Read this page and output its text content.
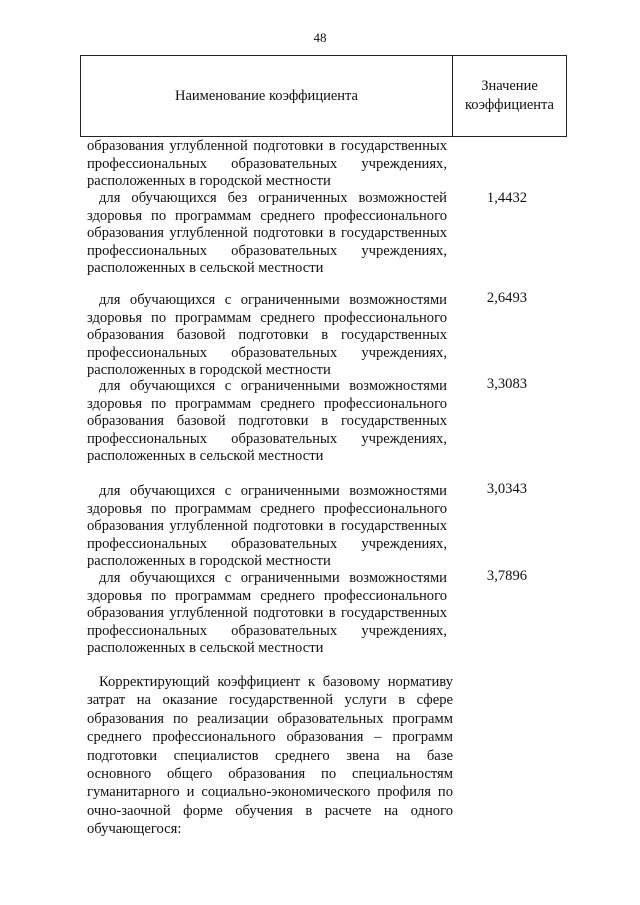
48
Наименование коэффициента
Значение
коэффициента

образования углубленной подготовки в государственных профессиональных образовательных учреждениях, расположенных в городской местности

для обучающихся без ограниченных возможностей здоровья по программам среднего профессионального образования углубленной подготовки в государственных профессиональных образовательных учреждениях, расположенных в сельской местности

1,4432

для обучающихся с ограниченными возможностями здоровья по программам среднего профессионального образования базовой подготовки в государственных профессиональных образовательных учреждениях, расположенных в городской местности

2,6493

для обучающихся с ограниченными возможностями здоровья по программам среднего профессионального образования базовой подготовки в государственных профессиональных образовательных учреждениях, расположенных в сельской местности

3,3083

для обучающихся с ограниченными возможностями здоровья по программам среднего профессионального образования углубленной подготовки в государственных профессиональных образовательных учреждениях, расположенных в городской местности

3,0343

для обучающихся с ограниченными возможностями здоровья по программам среднего профессионального образования углубленной подготовки в государственных профессиональных образовательных учреждениях, расположенных в сельской местности

3,7896

Корректирующий коэффициент к базовому нормативу затрат на оказание государственной услуги в сфере образования по реализации образовательных программ среднего профессионального образования – программ подготовки специалистов среднего звена на базе основного общего образования по специальностям гуманитарного и социально-экономического профиля по очно-заочной форме обучения в расчете на одного обучающегося:
